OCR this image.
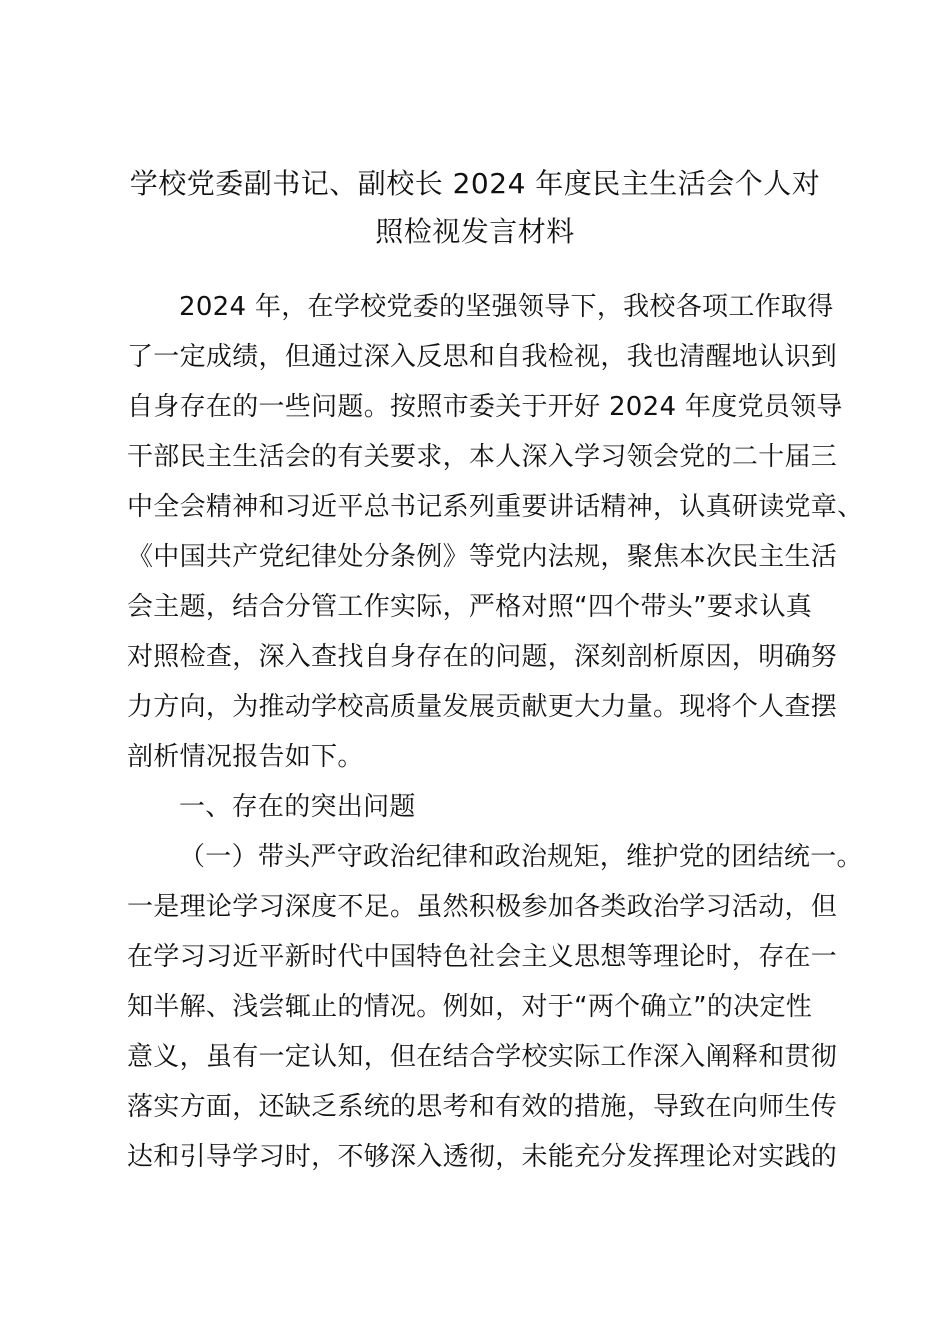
学校党委副书记、副校长 2024 年度民主生活会个人对
照检视发言材料
2024 年，在学校党委的坚强领导下，我校各项工作取得
了一定成绩，但通过深入反思和自我检视，我也清醒地认识到
自身存在的一些问题。按照市委关于开好 2024 年度党员领导
干部民主生活会的有关要求，本人深入学习领会党的二十届三
中全会精神和习近平总书记系列重要讲话精神，认真研读党章、
《中国共产党纪律处分条例》等党内法规，聚焦本次民主生活
会主题，结合分管工作实际，严格对照“四个带头”要求认真
对照检查，深入查找自身存在的问题，深刻剖析原因，明确努
力方向，为推动学校高质量发展贡献更大力量。现将个人查摆
剖析情况报告如下。
一、存在的突出问题
（一）带头严守政治纪律和政治规矩，维护党的团结统一。
一是理论学习深度不足。虽然积极参加各类政治学习活动，但
在学习习近平新时代中国特色社会主义思想等理论时，存在一
知半解、浅尝辄止的情况。例如，对于“两个确立”的决定性
意义，虽有一定认知，但在结合学校实际工作深入阐释和贯彻
落实方面，还缺乏系统的思考和有效的措施，导致在向师生传
达和引导学习时，不够深入透彻，未能充分发挥理论对实践的
